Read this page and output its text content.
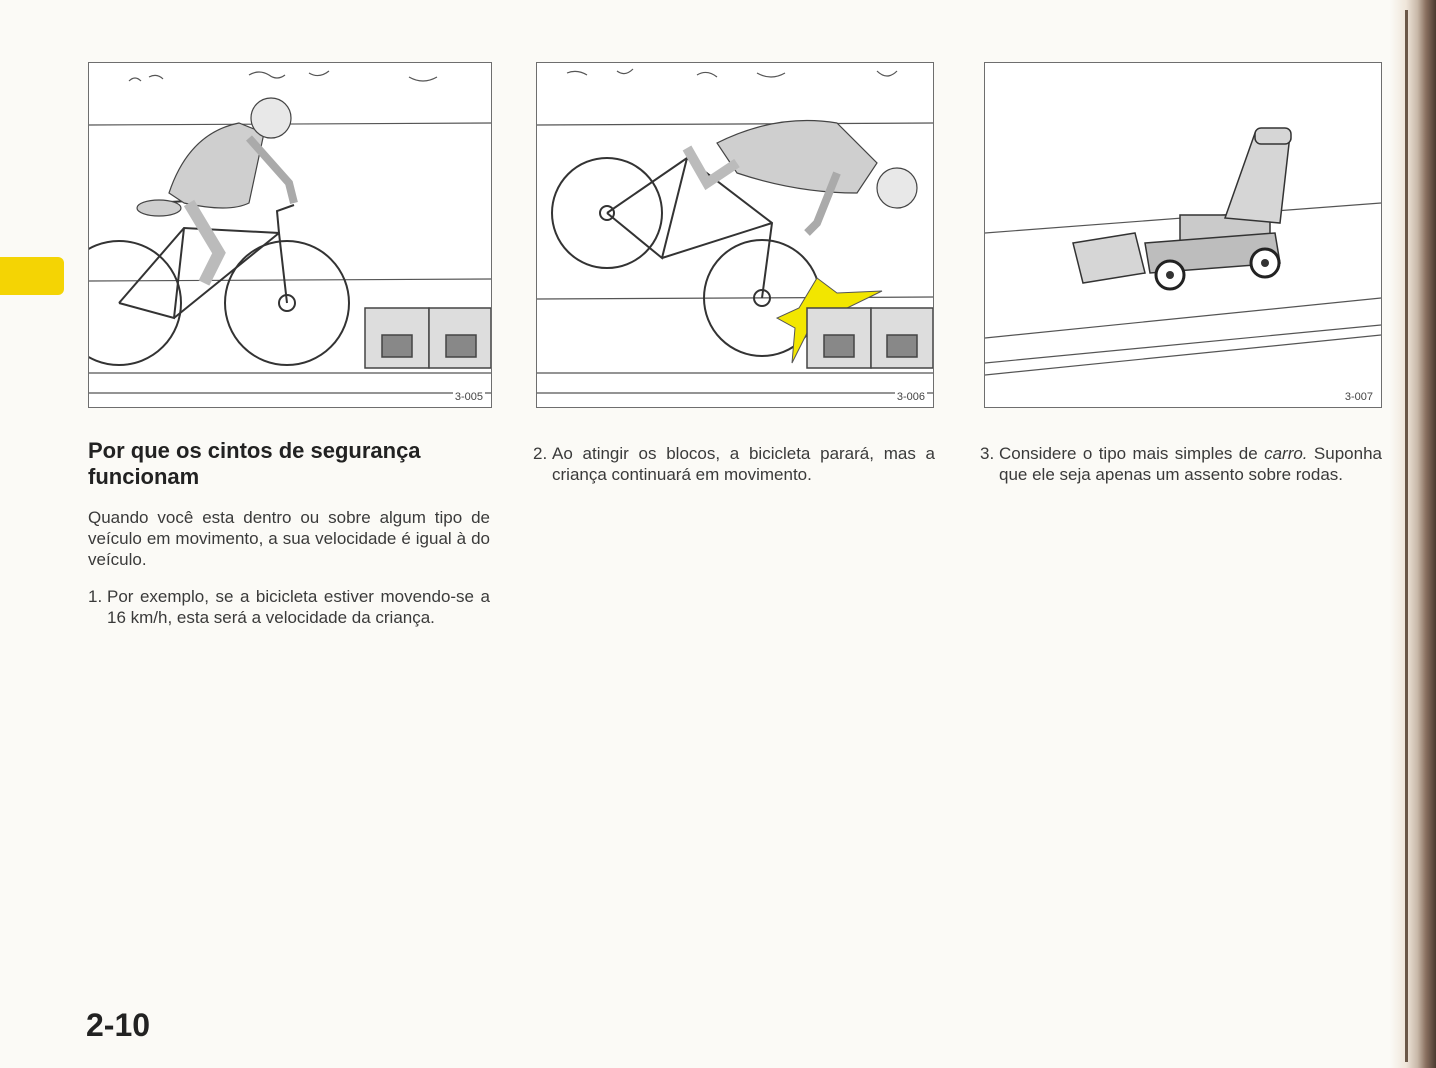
3-005	3-006	3-007
Por que os cintos de segurança
funcionam

Quando você esta dentro ou sobre algum tipo de veículo em movimento, a sua velocidade é igual à do veículo.

1. Por exemplo, se a bicicleta estiver movendo-se a 16 km/h, esta será a velocidade da criança.
2. Ao atingir os blocos, a bicicleta parará, mas a criança continuará em movimento.
3. Considere o tipo mais simples de carro. Suponha que ele seja apenas um assento sobre rodas.
2-10
